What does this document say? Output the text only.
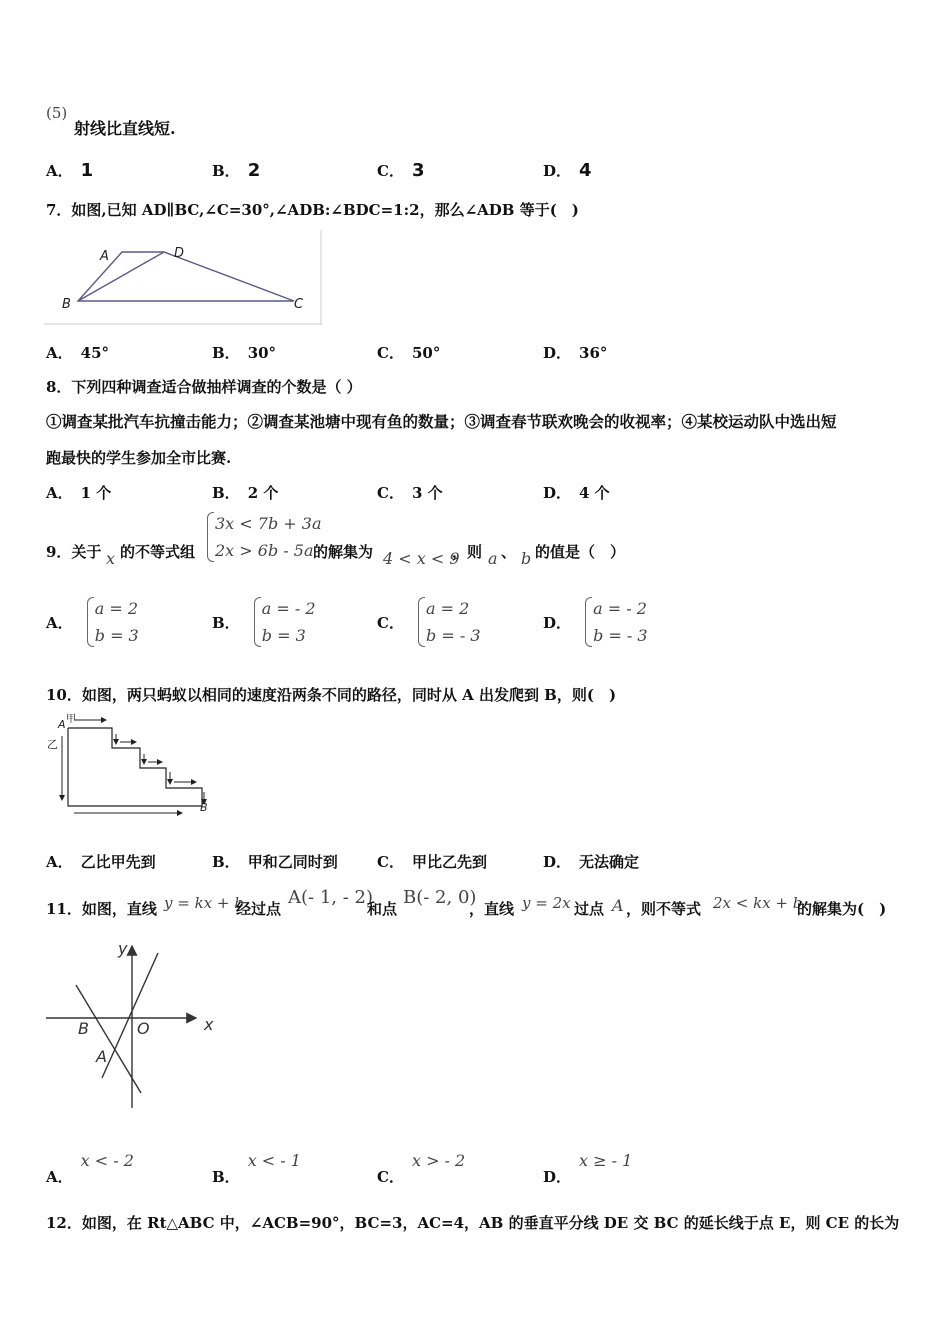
(5)
射线比直线短.
A． 1	B． 2	C． 3	D． 4
7．如图,已知 AD∥BC,∠C=30°,∠ADB:∠BDC=1:2，那么∠ADB 等于(　)
A	D
B	C
A． 45°	B． 30°	C． 50°	D． 36°
8．下列四种调查适合做抽样调查的个数是（ ）
①调查某批汽车抗撞击能力；②调查某池塘中现有鱼的数量；③调查春节联欢晚会的收视率；④某校运动队中选出短
跑最快的学生参加全市比赛.
A． 1 个	B． 2 个	C． 3 个	D． 4 个
9．关于 x 的不等式组
3x < 7b + 3a
2x > 6b - 5a 的解集为 4 < x < 9
，则 a 、 b 的值是（　）
A．
a = 2
b = 3
B．
a = - 2
b = 3
C．
a = 2
b = - 3
D．
a = - 2
b = - 3
10．如图，两只蚂蚁以相同的速度沿两条不同的路径，同时从 A 出发爬到 B，则(　)
A 甲
乙
B
A． 乙比甲先到	B． 甲和乙同时到	C． 甲比乙先到	D． 无法确定
11．如图，直线 y = kx + b
经过点
A(- 1, - 2)
和点
B(- 2, 0)
，直线 y = 2x 过点 A ，则不等式 2x < kx + b
的解集为(　)
x
y
O
B
A
A．x < - 2
B．x < - 1
C．x > - 2
D．x ≥ - 1
12．如图，在 Rt△ABC 中，∠ACB=90°，BC=3，AC=4，AB 的垂直平分线 DE 交 BC 的延长线于点 E，则 CE 的长为
